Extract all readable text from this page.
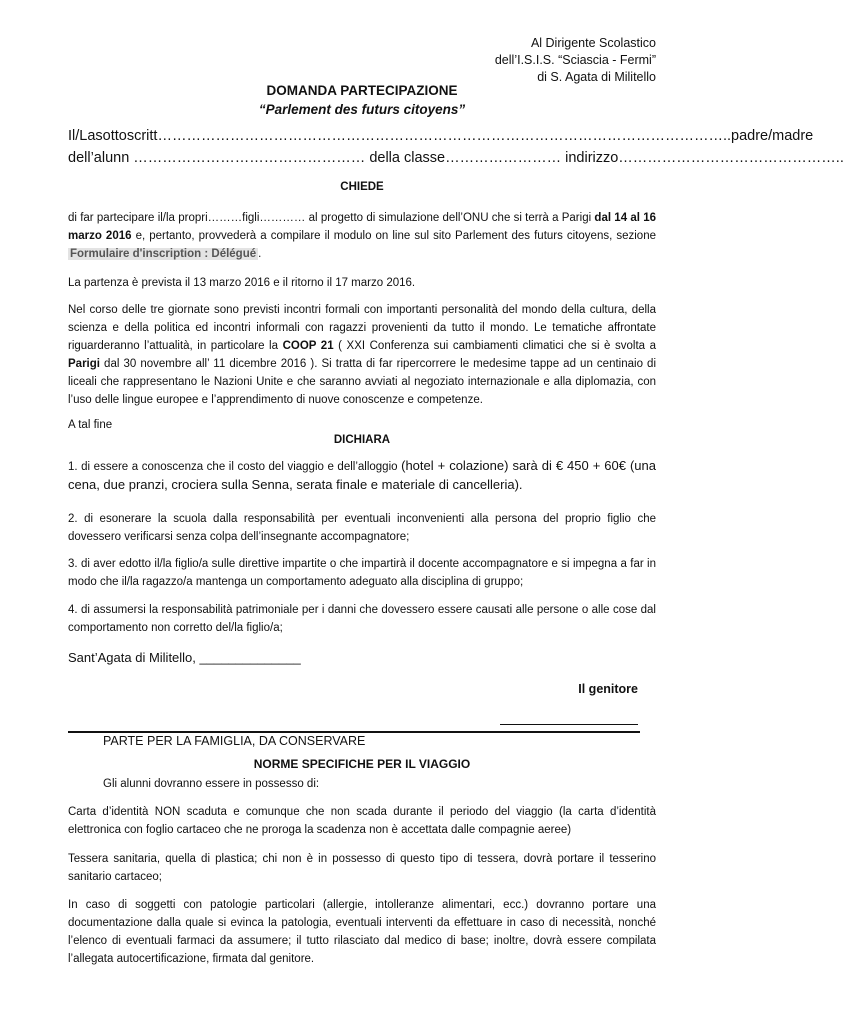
Al Dirigente Scolastico
dell’I.S.I.S. “Sciascia - Fermi”
di S. Agata di Militello
DOMANDA PARTECIPAZIONE
“Parlement des futurs citoyens”
Il/La sottoscritt ……………………………………………………………………………………………………….. padre/madre
dell’alunn ………………………………………… della classe…………………… indirizzo………………………………………..
CHIEDE
di far partecipare il/la propri………figli………… al progetto di simulazione dell’ONU che si terrà a Parigi dal 14 al 16 marzo 2016 e, pertanto, provvederà a compilare il modulo on line sul sito Parlement des futurs citoyens, sezione Formulaire d'inscription : Délégué .
La partenza è prevista il 13 marzo 2016 e il ritorno il 17 marzo 2016.
Nel corso delle tre giornate sono previsti incontri formali con importanti personalità del mondo della cultura, della scienza e della politica ed incontri informali con ragazzi provenienti da tutto il mondo. Le tematiche affrontate riguarderanno l’attualità, in particolare la COOP 21 ( XXI Conferenza sui cambiamenti climatici che si è svolta a Parigi dal 30 novembre all’ 11 dicembre 2016 ). Si tratta di far ripercorrere le medesime tappe ad un centinaio di liceali che rappresentano le Nazioni Unite e che saranno avviati al negoziato internazionale e alla diplomazia, con l’uso delle lingue europee e l’apprendimento di nuove conoscenze e competenze.
A tal fine
DICHIARA
1. di essere a conoscenza che il costo del viaggio e dell’alloggio (hotel + colazione) sarà di € 450 + 60€ (una cena, due pranzi, crociera sulla Senna, serata finale e materiale di cancelleria).
2. di esonerare la scuola dalla responsabilità per eventuali inconvenienti alla persona del proprio figlio che dovessero verificarsi senza colpa dell’insegnante accompagnatore;
3. di aver edotto il/la figlio/a sulle direttive impartite o che impartirà il docente accompagnatore e si impegna a far in modo che il/la ragazzo/a mantenga un comportamento adeguato alla disciplina di gruppo;
4. di assumersi la responsabilità patrimoniale per i danni che dovessero essere causati alle persone o alle cose dal comportamento non corretto del/la figlio/a;
Sant’Agata di Militello, ______________
Il genitore
PARTE PER LA FAMIGLIA, DA CONSERVARE
NORME SPECIFICHE PER IL VIAGGIO
Gli alunni dovranno essere in possesso di:
Carta d’identità NON scaduta e comunque che non scada durante il periodo del viaggio (la carta d’identità elettronica con foglio cartaceo che ne proroga la scadenza non è accettata dalle compagnie aeree)
Tessera sanitaria, quella di plastica; chi non è in possesso di questo tipo di tessera, dovrà portare il tesserino sanitario cartaceo;
In caso di soggetti con patologie particolari (allergie, intolleranze alimentari, ecc.) dovranno portare una documentazione dalla quale si evinca la patologia, eventuali interventi da effettuare in caso di necessità, nonché l’elenco di eventuali farmaci da assumere; il tutto rilasciato dal medico di base; inoltre, dovrà essere compilata l’allegata autocertificazione, firmata dal genitore.
